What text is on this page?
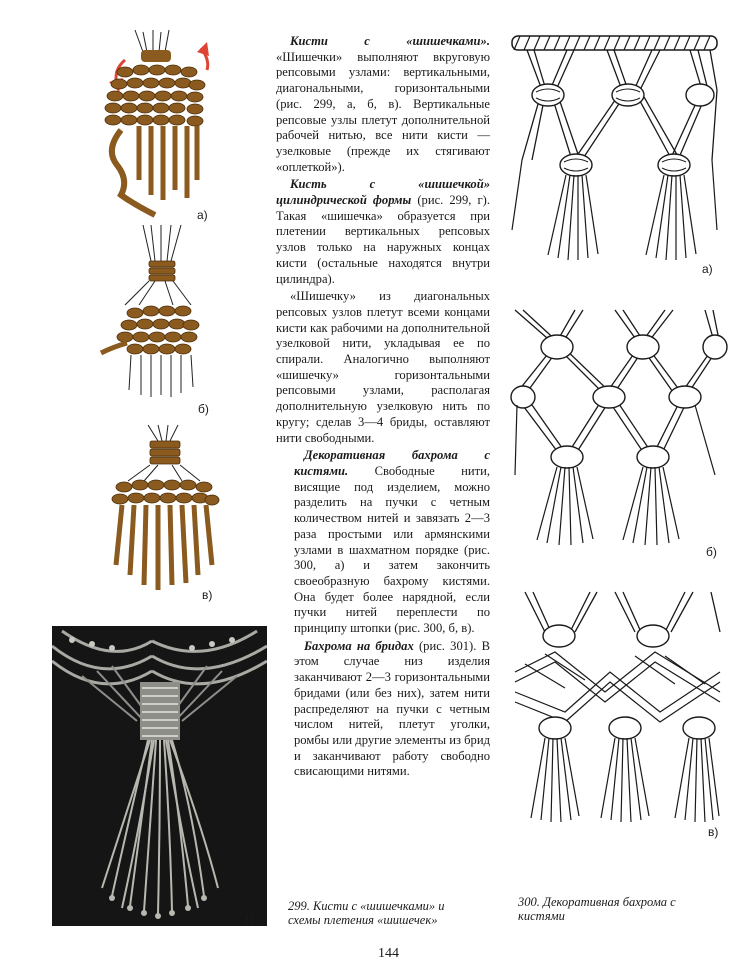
а)
б)
в)
г)

Кисти с «шишечками». «Шишечки» выполняют вкруговую репсовыми узлами: вертикальными, диагональными, горизонтальными (рис. 299, а, б, в). Вертикальные репсовые узлы плетут дополнительной рабочей нитью, все нити кисти — узелковые (прежде их стягивают «оплеткой»).

Кисть с «шишечкой» цилиндрической формы (рис. 299, г). Такая «шишечка» образуется при плетении вертикальных репсовых узлов только на наружных концах кисти (остальные находятся внутри цилиндра).

«Шишечку» из диагональных репсовых узлов плетут всеми концами кисти как рабочими на дополнительной узелковой нити, укладывая ее по спирали. Аналогично выполняют «шишечку» горизонтальными репсовыми узлами, располагая дополнительную узелковую нить по кругу; сделав 3—4 бриды, оставляют нити свободными.

Декоративная бахрома с кистями. Свободные нити, висящие под изделием, можно разделить на пучки с четным количеством нитей и завязать 2—3 раза простыми или армянскими узлами в шахматном порядке (рис. 300, а) и затем закончить своеобразную бахрому кистями. Она будет более нарядной, если пучки нитей переплести по принципу штопки (рис. 300, б, в).

Бахрома на бридах (рис. 301). В этом случае низ изделия заканчивают 2—3 горизонтальными бридами (или без них), затем нити распределяют на пучки с четным числом нитей, плетут уголки, ромбы или другие элементы из брид и заканчивают работу свободно свисающими нитями.

а)
б)
в)
299. Кисти с «шишечками» и схемы плетения «шишечек»
300. Декоративная бахрома с кистями
144
